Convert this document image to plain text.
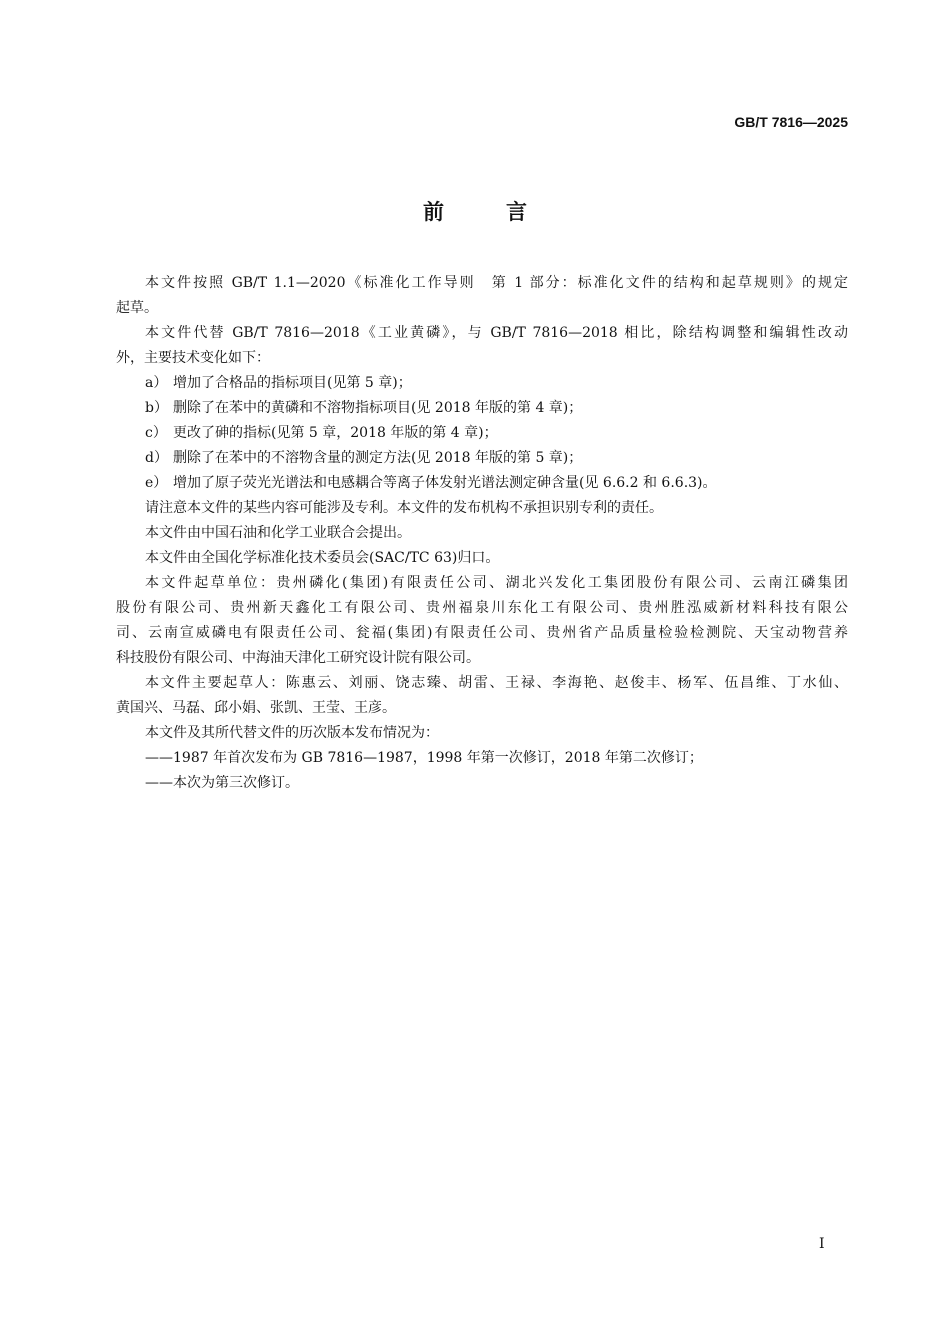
GB/T 7816—2025
前言
本文件按照 GB/T 1.1—2020《标准化工作导则　第 1 部分：标准化文件的结构和起草规则》的规定
起草。
本文件代替 GB/T 7816—2018《工业黄磷》，与 GB/T 7816—2018 相比，除结构调整和编辑性改动
外，主要技术变化如下：
a） 增加了合格品的指标项目(见第 5 章)；
b） 删除了在苯中的黄磷和不溶物指标项目(见 2018 年版的第 4 章)；
c） 更改了砷的指标(见第 5 章，2018 年版的第 4 章)；
d） 删除了在苯中的不溶物含量的测定方法(见 2018 年版的第 5 章)；
e） 增加了原子荧光光谱法和电感耦合等离子体发射光谱法测定砷含量(见 6.6.2 和 6.6.3)。
请注意本文件的某些内容可能涉及专利。本文件的发布机构不承担识别专利的责任。
本文件由中国石油和化学工业联合会提出。
本文件由全国化学标准化技术委员会(SAC/TC 63)归口。
本文件起草单位：贵州磷化(集团)有限责任公司、湖北兴发化工集团股份有限公司、云南江磷集团
股份有限公司、贵州新天鑫化工有限公司、贵州福泉川东化工有限公司、贵州胜泓威新材料科技有限公
司、云南宣威磷电有限责任公司、瓮福(集团)有限责任公司、贵州省产品质量检验检测院、天宝动物营养
科技股份有限公司、中海油天津化工研究设计院有限公司。
本文件主要起草人：陈惠云、刘丽、饶志臻、胡雷、王禄、李海艳、赵俊丰、杨军、伍昌维、丁水仙、
黄国兴、马磊、邱小娟、张凯、王莹、王彦。
本文件及其所代替文件的历次版本发布情况为：
——1987 年首次发布为 GB 7816—1987，1998 年第一次修订，2018 年第二次修订；
——本次为第三次修订。
I
